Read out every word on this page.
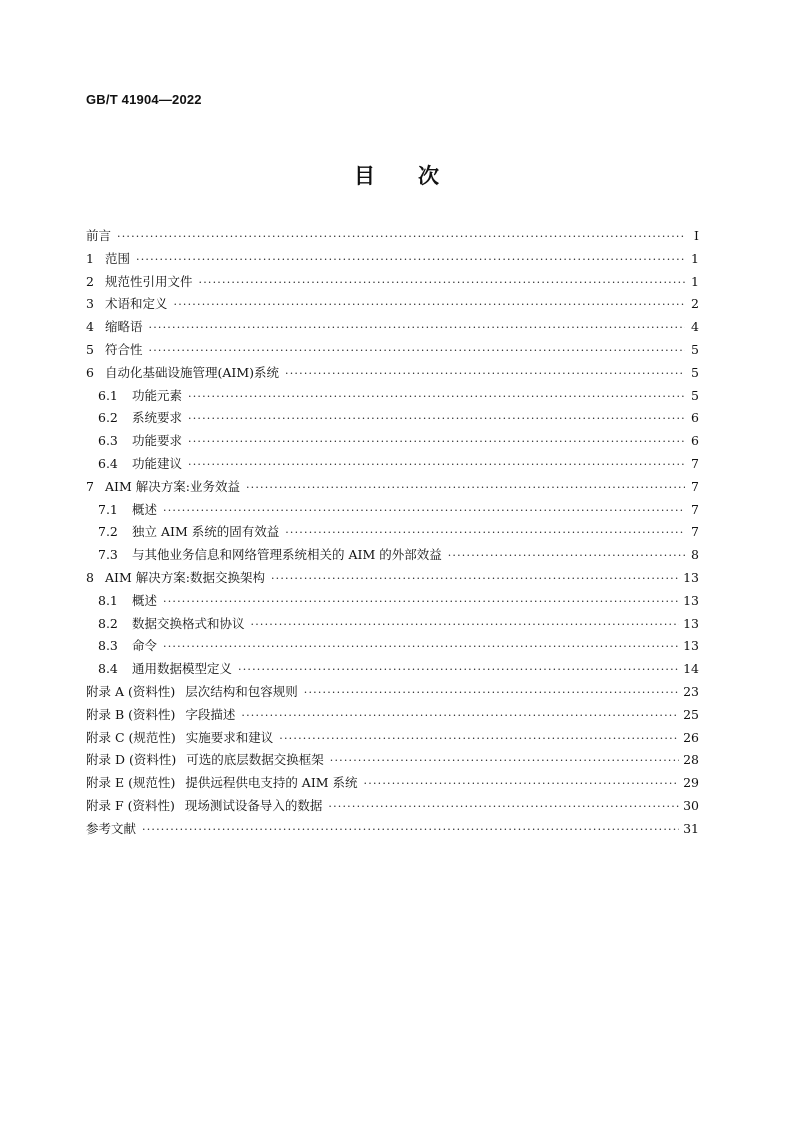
GB/T 41904—2022
目 次
前言 ·····	Ⅰ
1 范围 ·····	1
2 规范性引用文件 ·····	1
3 术语和定义 ·····	2
4 缩略语 ·····	4
5 符合性 ·····	5
6 自动化基础设施管理(AIM)系统 ·····	5
6.1	功能元素 ·····	5
6.2	系统要求 ·····	6
6.3	功能要求 ·····	6
6.4	功能建议 ·····	7
7 AIM 解决方案:业务效益 ·····	7
7.1	概述 ·····	7
7.2	独立 AIM 系统的固有效益 ·····	7
7.3	与其他业务信息和网络管理系统相关的 AIM 的外部效益 ·····	8
8 AIM 解决方案:数据交换架构 ·····	13
8.1	概述 ·····	13
8.2	数据交换格式和协议 ·····	13
8.3	命令 ·····	13
8.4	通用数据模型定义 ·····	14
附录 A (资料性) 层次结构和包容规则 ·····	23
附录 B (资料性) 字段描述 ·····	25
附录 C (规范性) 实施要求和建议 ·····	26
附录 D (资料性) 可选的底层数据交换框架 ·····	28
附录 E (规范性) 提供远程供电支持的 AIM 系统 ·····	29
附录 F (资料性) 现场测试设备导入的数据 ·····	30
参考文献 ·····	31
